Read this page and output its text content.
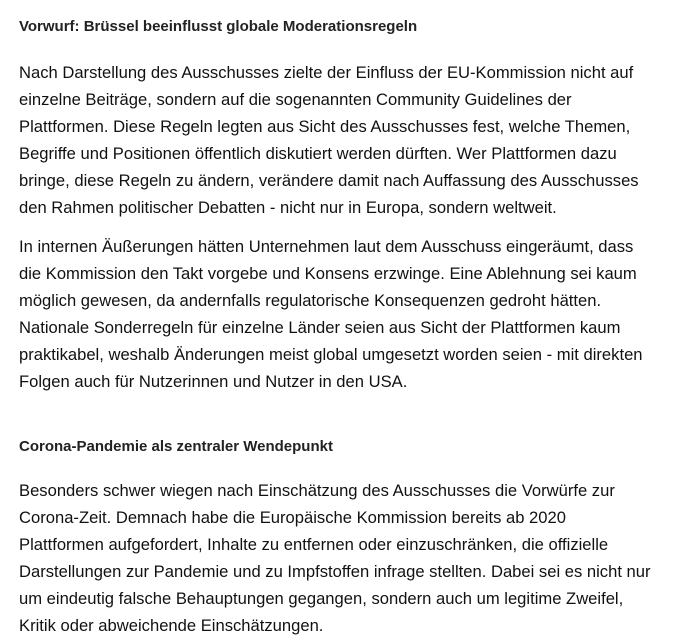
Vorwurf: Brüssel beeinflusst globale Moderationsregeln

Nach Darstellung des Ausschusses zielte der Einfluss der EU-Kommission nicht auf
einzelne Beiträge, sondern auf die sogenannten Community Guidelines der
Plattformen. Diese Regeln legten aus Sicht des Ausschusses fest, welche Themen,
Begriffe und Positionen öffentlich diskutiert werden dürften. Wer Plattformen dazu
bringe, diese Regeln zu ändern, verändere damit nach Auffassung des Ausschusses
den Rahmen politischer Debatten - nicht nur in Europa, sondern weltweit.

In internen Äußerungen hätten Unternehmen laut dem Ausschuss eingeräumt, dass
die Kommission den Takt vorgebe und Konsens erzwinge. Eine Ablehnung sei kaum
möglich gewesen, da andernfalls regulatorische Konsequenzen gedroht hätten.
Nationale Sonderregeln für einzelne Länder seien aus Sicht der Plattformen kaum
praktikabel, weshalb Änderungen meist global umgesetzt worden seien - mit direkten
Folgen auch für Nutzerinnen und Nutzer in den USA.

Corona-Pandemie als zentraler Wendepunkt

Besonders schwer wiegen nach Einschätzung des Ausschusses die Vorwürfe zur
Corona-Zeit. Demnach habe die Europäische Kommission bereits ab 2020
Plattformen aufgefordert, Inhalte zu entfernen oder einzuschränken, die offizielle
Darstellungen zur Pandemie und zu Impfstoffen infrage stellten. Dabei sei es nicht nur
um eindeutig falsche Behauptungen gegangen, sondern auch um legitime Zweifel,
Kritik oder abweichende Einschätzungen.
